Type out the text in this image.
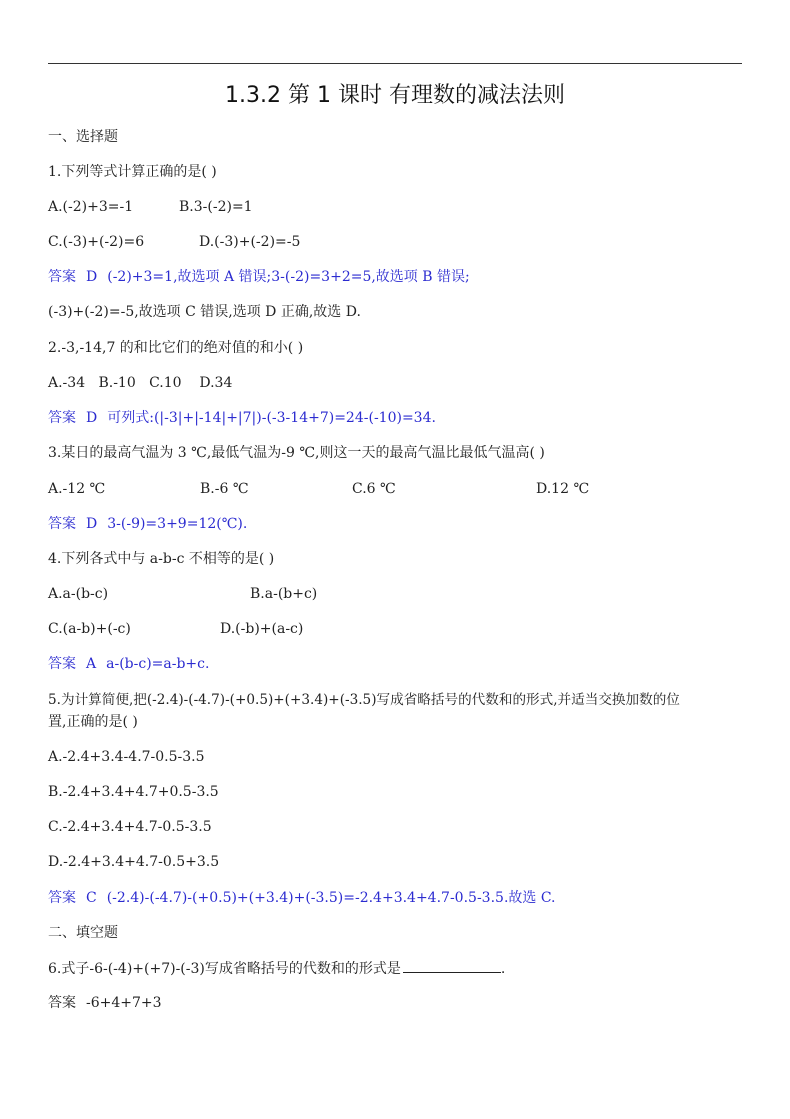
1.3.2 第 1 课时 有理数的减法法则
一、选择题
1.下列等式计算正确的是( )
A.(-2)+3=-1	B.3-(-2)=1
C.(-3)+(-2)=6	D.(-3)+(-2)=-5
答案 D (-2)+3=1,故选项 A 错误;3-(-2)=3+2=5,故选项 B 错误;
(-3)+(-2)=-5,故选项 C 错误,选项 D 正确,故选 D.
2.-3,-14,7 的和比它们的绝对值的和小( )
A.-34   B.-10   C.10    D.34
答案 D 可列式:(|-3|+|-14|+|7|)-(-3-14+7)=24-(-10)=34.
3.某日的最高气温为 3 ℃,最低气温为-9 ℃,则这一天的最高气温比最低气温高( )
A.-12 ℃	B.-6 ℃	C.6 ℃	D.12 ℃
答案 D 3-(-9)=3+9=12(℃).
4.下列各式中与 a-b-c 不相等的是( )
A.a-(b-c)	B.a-(b+c)
C.(a-b)+(-c)	D.(-b)+(a-c)
答案 A a-(b-c)=a-b+c.
5.为计算简便,把(-2.4)-(-4.7)-(+0.5)+(+3.4)+(-3.5)写成省略括号的代数和的形式,并适当交换加数的位
置,正确的是( )
A.-2.4+3.4-4.7-0.5-3.5
B.-2.4+3.4+4.7+0.5-3.5
C.-2.4+3.4+4.7-0.5-3.5
D.-2.4+3.4+4.7-0.5+3.5
答案 C (-2.4)-(-4.7)-(+0.5)+(+3.4)+(-3.5)=-2.4+3.4+4.7-0.5-3.5.故选 C.
二、填空题
6.式子-6-(-4)+(+7)-(-3)写成省略括号的代数和的形式是	.
答案 -6+4+7+3
